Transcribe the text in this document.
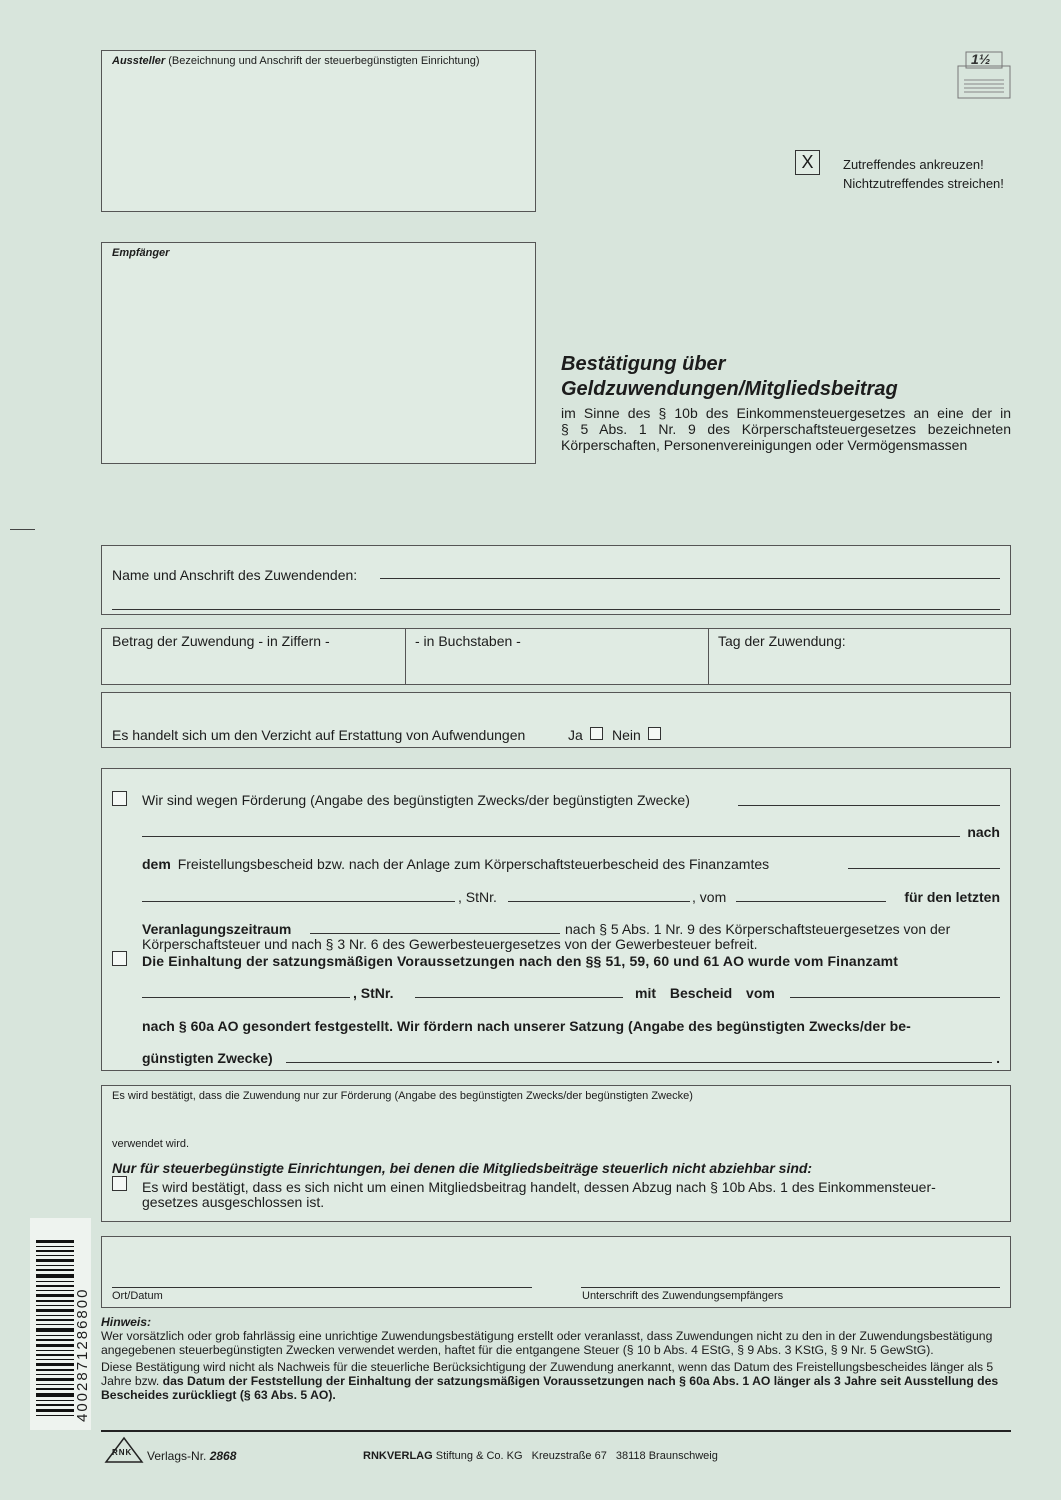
Aussteller (Bezeichnung und Anschrift der steuerbegünstigten Einrichtung)	1½
X	Zutreffendes ankreuzen!

Nichtzutreffendes streichen!

Empfänger

Bestätigung über

Geldzuwendungen/Mitgliedsbeitrag

im Sinne des § 10b des Einkommensteuergesetzes an eine der in

§ 5 Abs. 1 Nr. 9 des Körperschaftsteuergesetzes bezeichneten

Körperschaften, Personenvereinigungen oder Vermögensmassen

Name und Anschrift des Zuwendenden:
Betrag der Zuwendung - in Ziffern -	- in Buchstaben -	Tag der Zuwendung:
Es handelt sich um den Verzicht auf Erstattung von Aufwendungen	Ja Nein
Wir sind wegen Förderung (Angabe des begünstigten Zwecks/der begünstigten Zwecke)
nach
dem Freistellungsbescheid bzw. nach der Anlage zum Körperschaftsteuerbescheid des Finanzamtes
, StNr.	, vom	für den letzten
Veranlagungszeitraum	nach § 5 Abs. 1 Nr. 9 des Körperschaftsteuergesetzes von der
Körperschaftsteuer und nach § 3 Nr. 6 des Gewerbesteuergesetzes von der Gewerbesteuer befreit.
Die Einhaltung der satzungsmäßigen Voraussetzungen nach den §§ 51, 59, 60 und 61 AO wurde vom Finanzamt
, StNr.	mit Bescheid vom
nach § 60a AO gesondert festgestellt. Wir fördern nach unserer Satzung (Angabe des begünstigten Zwecks/der be-
günstigten Zwecke)	.
Es wird bestätigt, dass die Zuwendung nur zur Förderung (Angabe des begünstigten Zwecks/der begünstigten Zwecke)
verwendet wird.
Nur für steuerbegünstigte Einrichtungen, bei denen die Mitgliedsbeiträge steuerlich nicht abziehbar sind:
Es wird bestätigt, dass es sich nicht um einen Mitgliedsbeitrag handelt, dessen Abzug nach § 10b Abs. 1 des Einkommensteuer-
gesetzes ausgeschlossen ist.
4002871286800 Ort/Datum	Unterschrift des Zuwendungsempfängers

Hinweis:

Wer vorsätzlich oder grob fahrlässig eine unrichtige Zuwendungsbestätigung erstellt oder veranlasst, dass Zuwendungen nicht zu den in der Zuwendungsbestätigung angegebenen steuerbegünstigten Zwecken verwendet werden, haftet für die entgangene Steuer (§ 10 b Abs. 4 EStG, § 9 Abs. 3 KStG, § 9 Nr. 5 GewStG).

Diese Bestätigung wird nicht als Nachweis für die steuerliche Berücksichtigung der Zuwendung anerkannt, wenn das Datum des Freistellungsbescheides länger als 5 Jahre bzw. das Datum der Feststellung der Einhaltung der satzungsmäßigen Voraussetzungen nach § 60a Abs. 1 AO länger als 3 Jahre seit Ausstellung des Bescheides zurückliegt (§ 63 Abs. 5 AO).

RNK Verlags-Nr. 2868	RNKVERLAG Stiftung & Co. KG Kreuzstraße 67 38118 Braunschweig
